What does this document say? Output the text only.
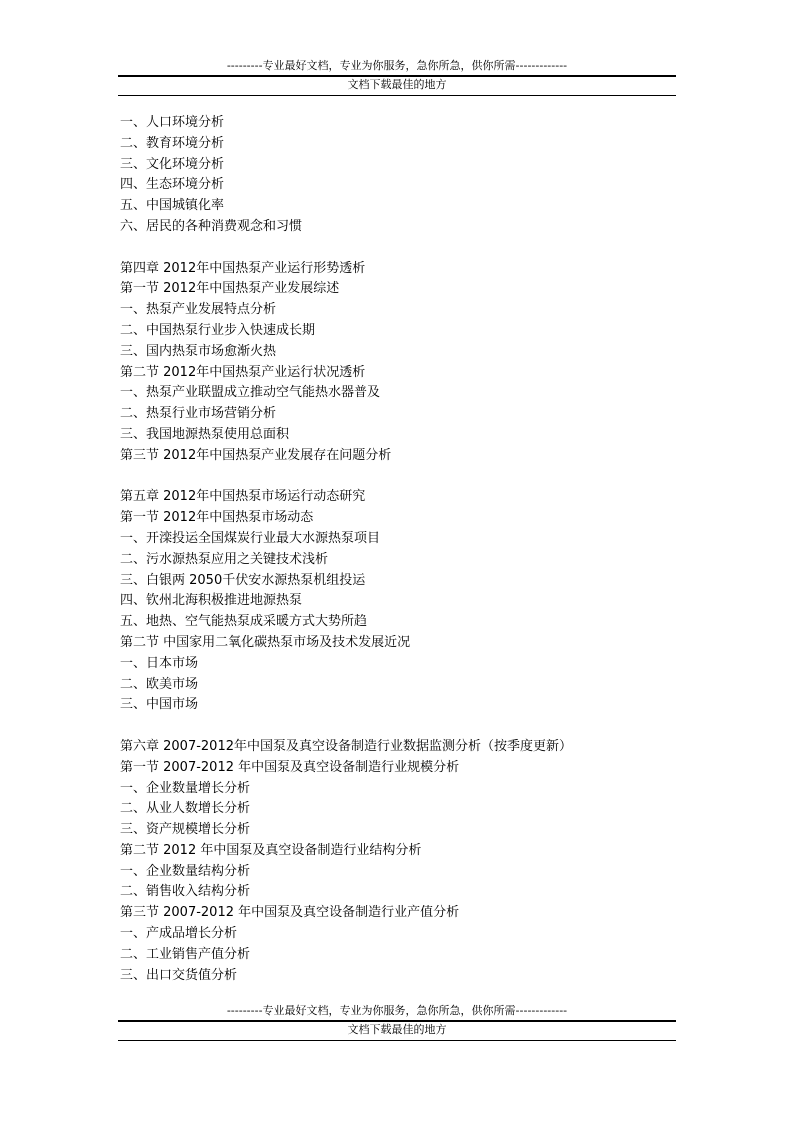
---------专业最好文档，专业为你服务，急你所急，供你所需-------------
文档下载最佳的地方
一、人口环境分析
二、教育环境分析
三、文化环境分析
四、生态环境分析
五、中国城镇化率
六、居民的各种消费观念和习惯
第四章 2012年中国热泵产业运行形势透析
第一节 2012年中国热泵产业发展综述
一、热泵产业发展特点分析
二、中国热泵行业步入快速成长期
三、国内热泵市场愈渐火热
第二节 2012年中国热泵产业运行状况透析
一、热泵产业联盟成立推动空气能热水器普及
二、热泵行业市场营销分析
三、我国地源热泵使用总面积
第三节 2012年中国热泵产业发展存在问题分析
第五章 2012年中国热泵市场运行动态研究
第一节 2012年中国热泵市场动态
一、开滦投运全国煤炭行业最大水源热泵项目
二、污水源热泵应用之关键技术浅析
三、白银两 2050千伏安水源热泵机组投运
四、钦州北海积极推进地源热泵
五、地热、空气能热泵成采暖方式大势所趋
第二节 中国家用二氧化碳热泵市场及技术发展近况
一、日本市场
二、欧美市场
三、中国市场
第六章 2007-2012年中国泵及真空设备制造行业数据监测分析（按季度更新）
第一节 2007-2012 年中国泵及真空设备制造行业规模分析
一、企业数量增长分析
二、从业人数增长分析
三、资产规模增长分析
第二节 2012 年中国泵及真空设备制造行业结构分析
一、企业数量结构分析
二、销售收入结构分析
第三节 2007-2012 年中国泵及真空设备制造行业产值分析
一、产成品增长分析
二、工业销售产值分析
三、出口交货值分析
---------专业最好文档，专业为你服务，急你所急，供你所需-------------
文档下载最佳的地方
